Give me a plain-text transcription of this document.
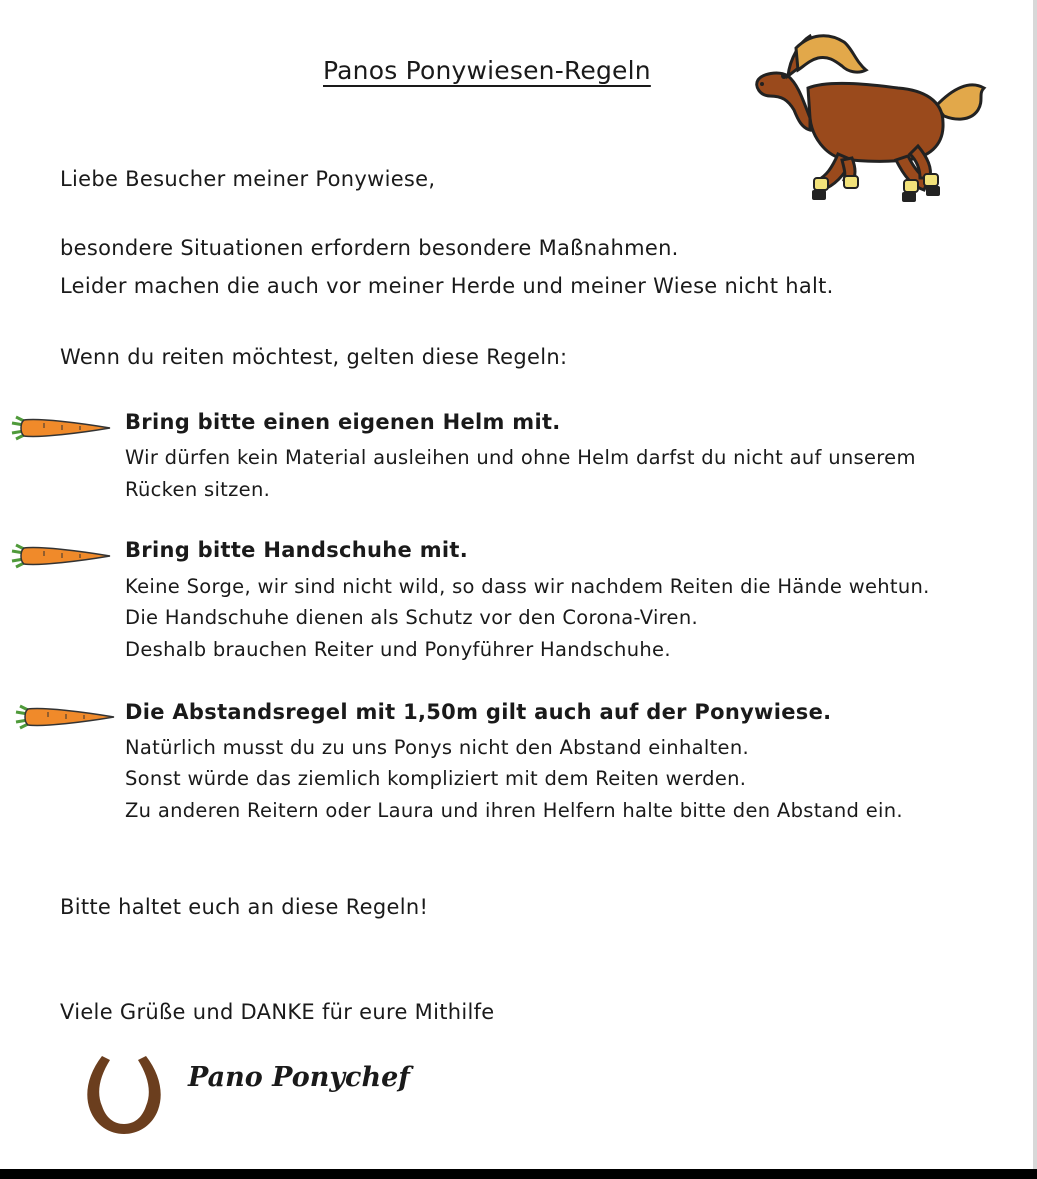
Panos Ponywiesen-Regeln
Liebe Besucher meiner Ponywiese,
besondere Situationen erfordern besondere Maßnahmen.
Leider machen die auch vor meiner Herde und meiner Wiese nicht halt.
Wenn du reiten möchtest, gelten diese Regeln:
Bring bitte einen eigenen Helm mit.
Wir dürfen kein Material ausleihen und ohne Helm darfst du nicht auf unserem
Rücken sitzen.
Bring bitte Handschuhe mit.
Keine Sorge, wir sind nicht wild, so dass wir nachdem Reiten die Hände wehtun.
Die Handschuhe dienen als Schutz vor den Corona-Viren.
Deshalb brauchen Reiter und Ponyführer Handschuhe.
Die Abstandsregel mit 1,50m gilt auch auf der Ponywiese.
Natürlich musst du zu uns Ponys nicht den Abstand einhalten.
Sonst würde das ziemlich kompliziert mit dem Reiten werden.
Zu anderen Reitern oder Laura und ihren Helfern halte bitte den Abstand ein.
Bitte haltet euch an diese Regeln!
Viele Grüße und DANKE für eure Mithilfe
Pano Ponychef
